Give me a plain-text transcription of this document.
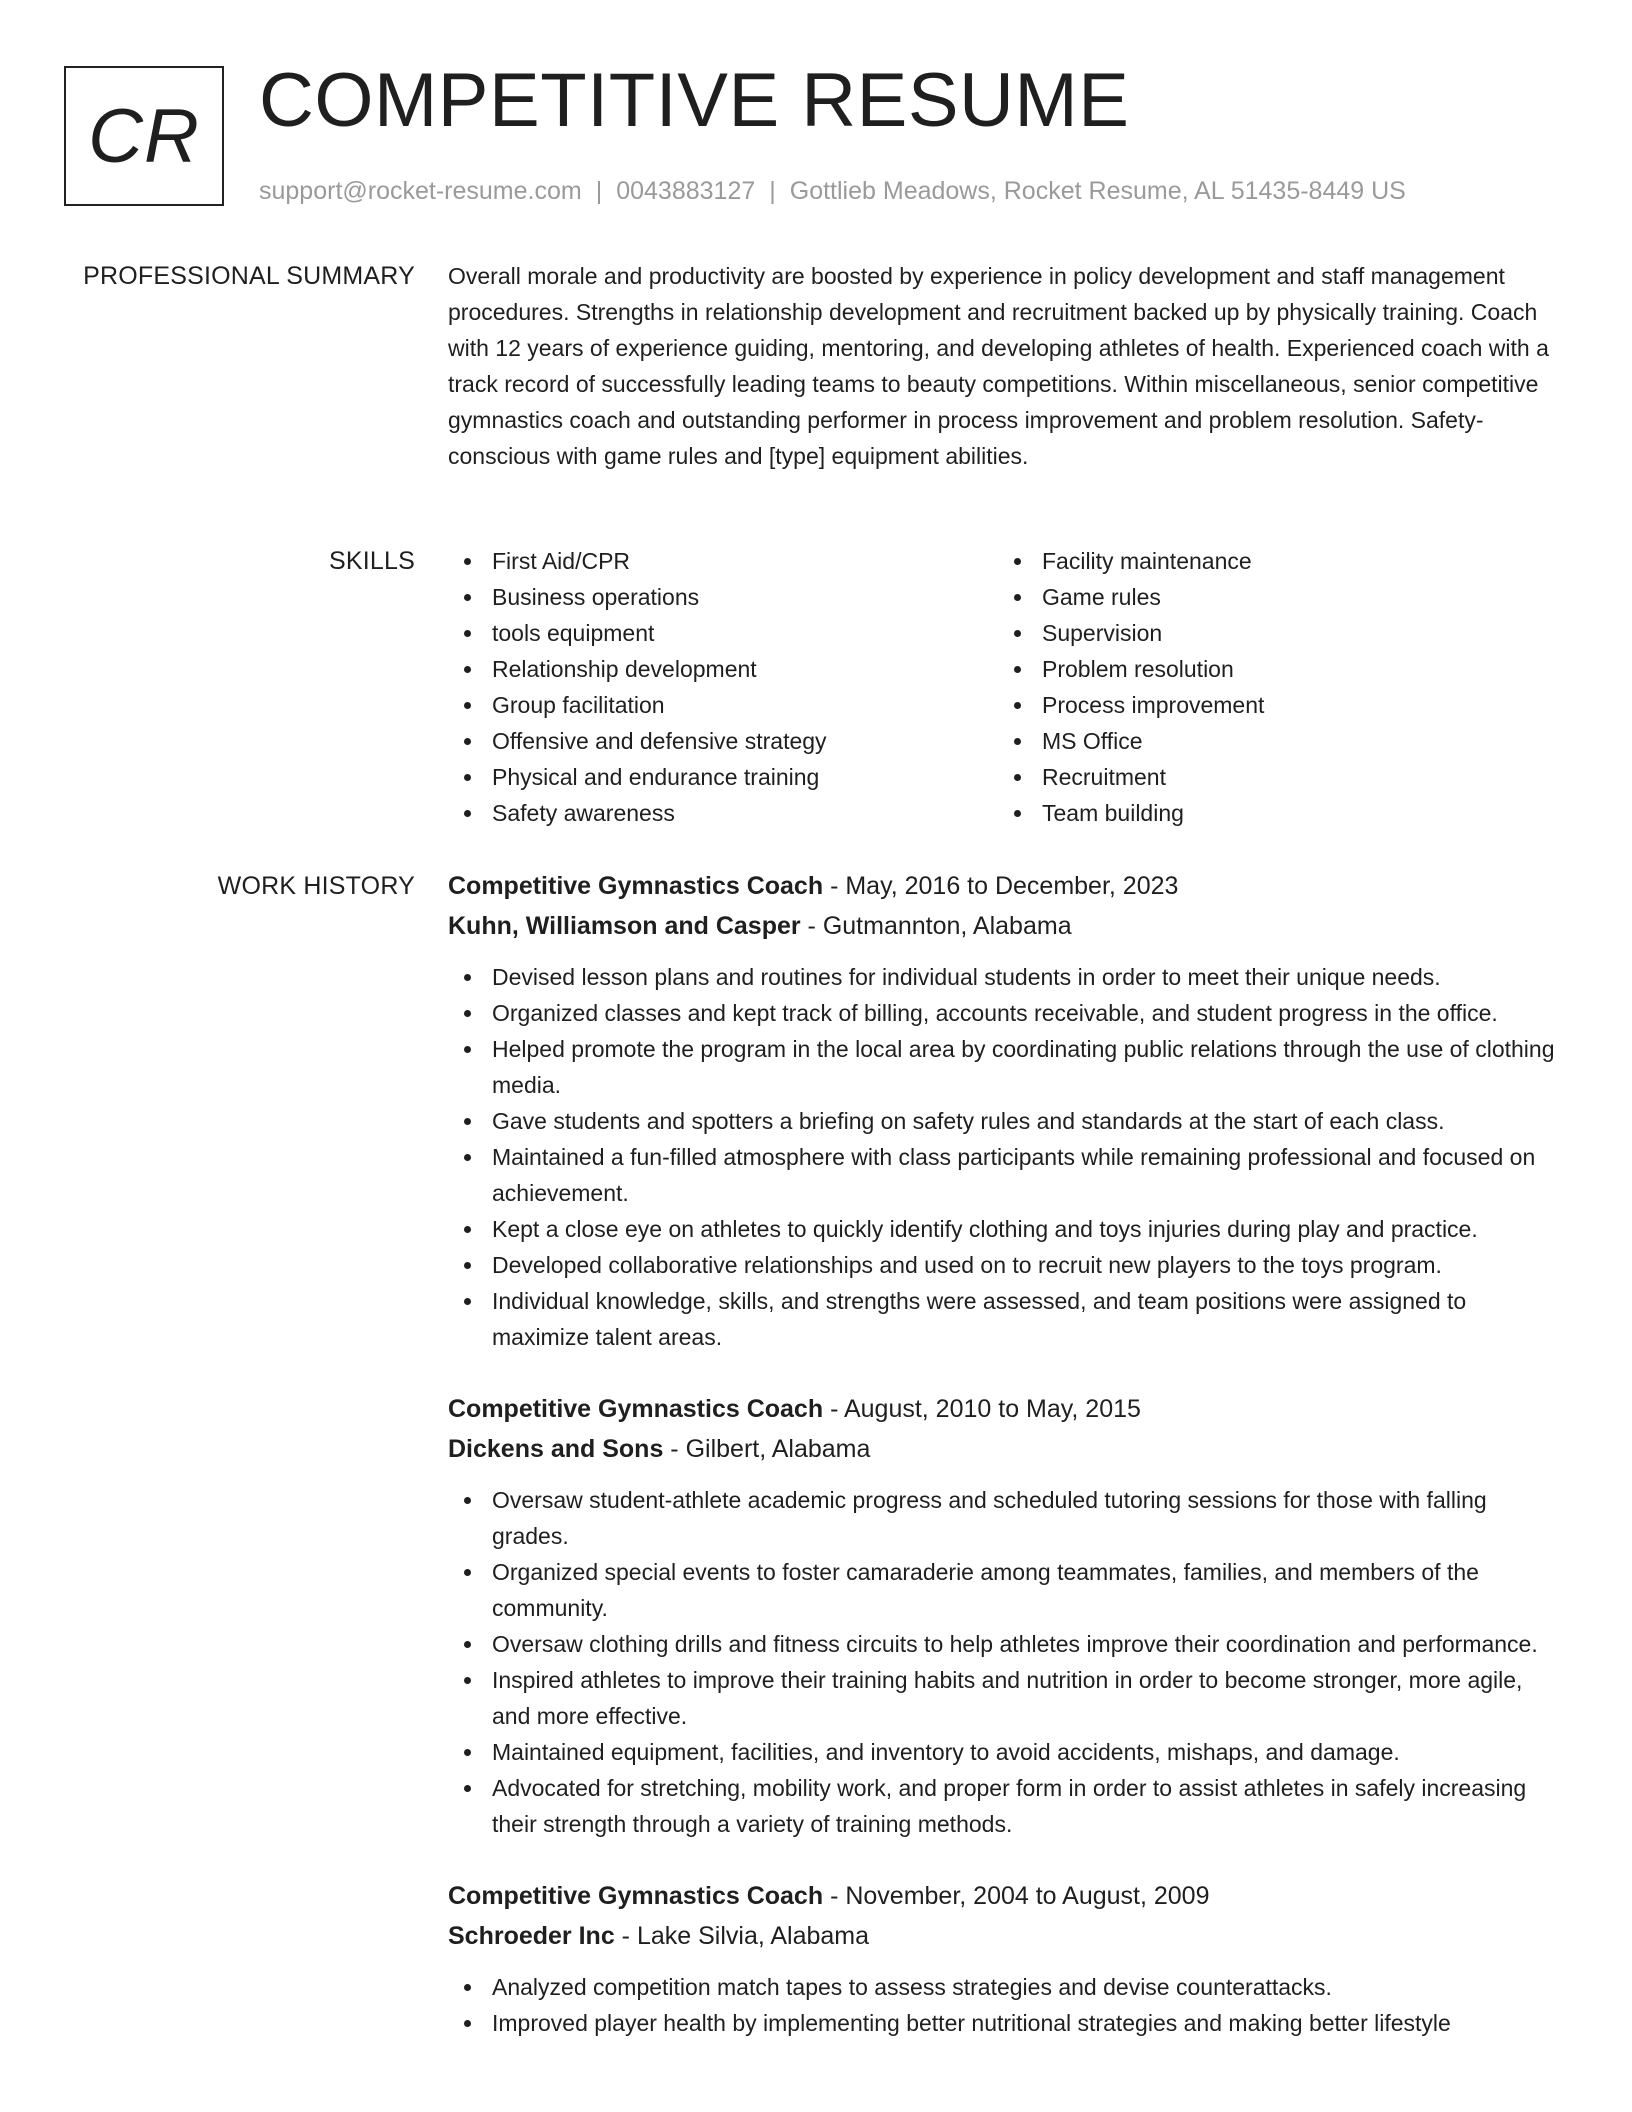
CR COMPETITIVE RESUME
support@rocket-resume.com | 0043883127 | Gottlieb Meadows, Rocket Resume, AL 51435-8449 US
PROFESSIONAL SUMMARY Overall morale and productivity are boosted by experience in policy development and staff management procedures. Strengths in relationship development and recruitment backed up by physically training. Coach with 12 years of experience guiding, mentoring, and developing athletes of health. Experienced coach with a track record of successfully leading teams to beauty competitions. Within miscellaneous, senior competitive gymnastics coach and outstanding performer in process improvement and problem resolution. Safety-conscious with game rules and [type] equipment abilities.

SKILLS	First Aid/CPR
Business operations
tools equipment
Relationship development
Group facilitation
Offensive and defensive strategy
Physical and endurance training
Safety awareness
Facility maintenance
Game rules
Supervision
Problem resolution
Process improvement
MS Office
Recruitment
Team building
WORK HISTORY Competitive Gymnastics Coach - May, 2016 to December, 2023
Kuhn, Williamson and Casper - Gutmannton, Alabama
Devised lesson plans and routines for individual students in order to meet their unique needs.
Organized classes and kept track of billing, accounts receivable, and student progress in the office.
Helped promote the program in the local area by coordinating public relations through the use of clothing media.
Gave students and spotters a briefing on safety rules and standards at the start of each class.
Maintained a fun-filled atmosphere with class participants while remaining professional and focused on achievement.
Kept a close eye on athletes to quickly identify clothing and toys injuries during play and practice.
Developed collaborative relationships and used on to recruit new players to the toys program.
Individual knowledge, skills, and strengths were assessed, and team positions were assigned to maximize talent areas.
Competitive Gymnastics Coach - August, 2010 to May, 2015
Dickens and Sons - Gilbert, Alabama
Oversaw student-athlete academic progress and scheduled tutoring sessions for those with falling grades.
Organized special events to foster camaraderie among teammates, families, and members of the community.
Oversaw clothing drills and fitness circuits to help athletes improve their coordination and performance.
Inspired athletes to improve their training habits and nutrition in order to become stronger, more agile, and more effective.
Maintained equipment, facilities, and inventory to avoid accidents, mishaps, and damage.
Advocated for stretching, mobility work, and proper form in order to assist athletes in safely increasing their strength through a variety of training methods.
Competitive Gymnastics Coach - November, 2004 to August, 2009
Schroeder Inc - Lake Silvia, Alabama
Analyzed competition match tapes to assess strategies and devise counterattacks.
Improved player health by implementing better nutritional strategies and making better lifestyle
